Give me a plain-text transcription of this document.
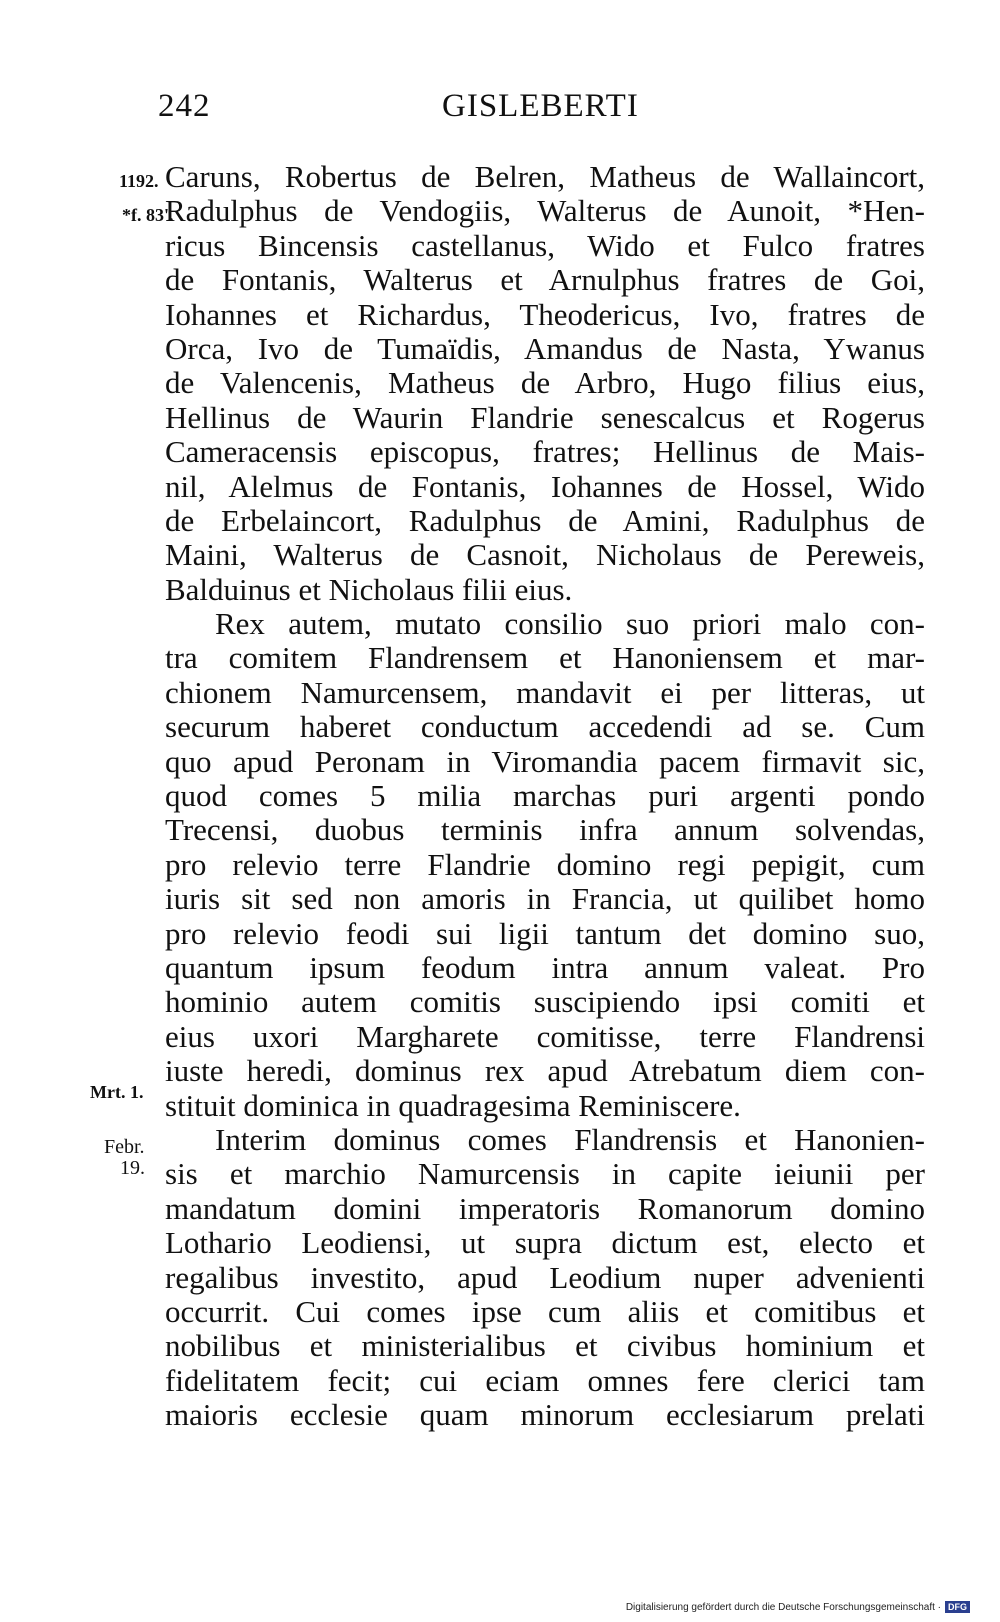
242	GISLEBERTI
1192.
*f. 83'.
Mrt. 1.
Febr.
19.
Caruns, Robertus de Belren, Matheus de Wallaincort,
Radulphus de Vendogiis, Walterus de Aunoit, *Hen-
ricus Bincensis castellanus, Wido et Fulco fratres
de Fontanis, Walterus et Arnulphus fratres de Goi,
Iohannes et Richardus, Theodericus, Ivo, fratres de
Orca, Ivo de Tumaïdis, Amandus de Nasta, Ywanus
de Valencenis, Matheus de Arbro, Hugo filius eius,
Hellinus de Waurin Flandrie senescalcus et Rogerus
Cameracensis episcopus, fratres; Hellinus de Mais-
nil, Alelmus de Fontanis, Iohannes de Hossel, Wido
de Erbelaincort, Radulphus de Amini, Radulphus de
Maini, Walterus de Casnoit, Nicholaus de Pereweis,
Balduinus et Nicholaus filii eius.
Rex autem, mutato consilio suo priori malo con-
tra comitem Flandrensem et Hanoniensem et mar-
chionem Namurcensem, mandavit ei per litteras, ut
securum haberet conductum accedendi ad se. Cum
quo apud Peronam in Viromandia pacem firmavit sic,
quod comes 5 milia marchas puri argenti pondo
Trecensi, duobus terminis infra annum solvendas,
pro relevio terre Flandrie domino regi pepigit, cum
iuris sit sed non amoris in Francia, ut quilibet homo
pro relevio feodi sui ligii tantum det domino suo,
quantum ipsum feodum intra annum valeat. Pro
hominio autem comitis suscipiendo ipsi comiti et
eius uxori Margharete comitisse, terre Flandrensi
iuste heredi, dominus rex apud Atrebatum diem con-
stituit dominica in quadragesima Reminiscere.
Interim dominus comes Flandrensis et Hanonien-
sis et marchio Namurcensis in capite ieiunii per
mandatum domini imperatoris Romanorum domino
Lothario Leodiensi, ut supra dictum est, electo et
regalibus investito, apud Leodium nuper advenienti
occurrit. Cui comes ipse cum aliis et comitibus et
nobilibus et ministerialibus et civibus hominium et
fidelitatem fecit; cui eciam omnes fere clerici tam
maioris ecclesie quam minorum ecclesiarum prelati
Digitalisierung gefördert durch die Deutsche Forschungsgemeinschaft · DFG
